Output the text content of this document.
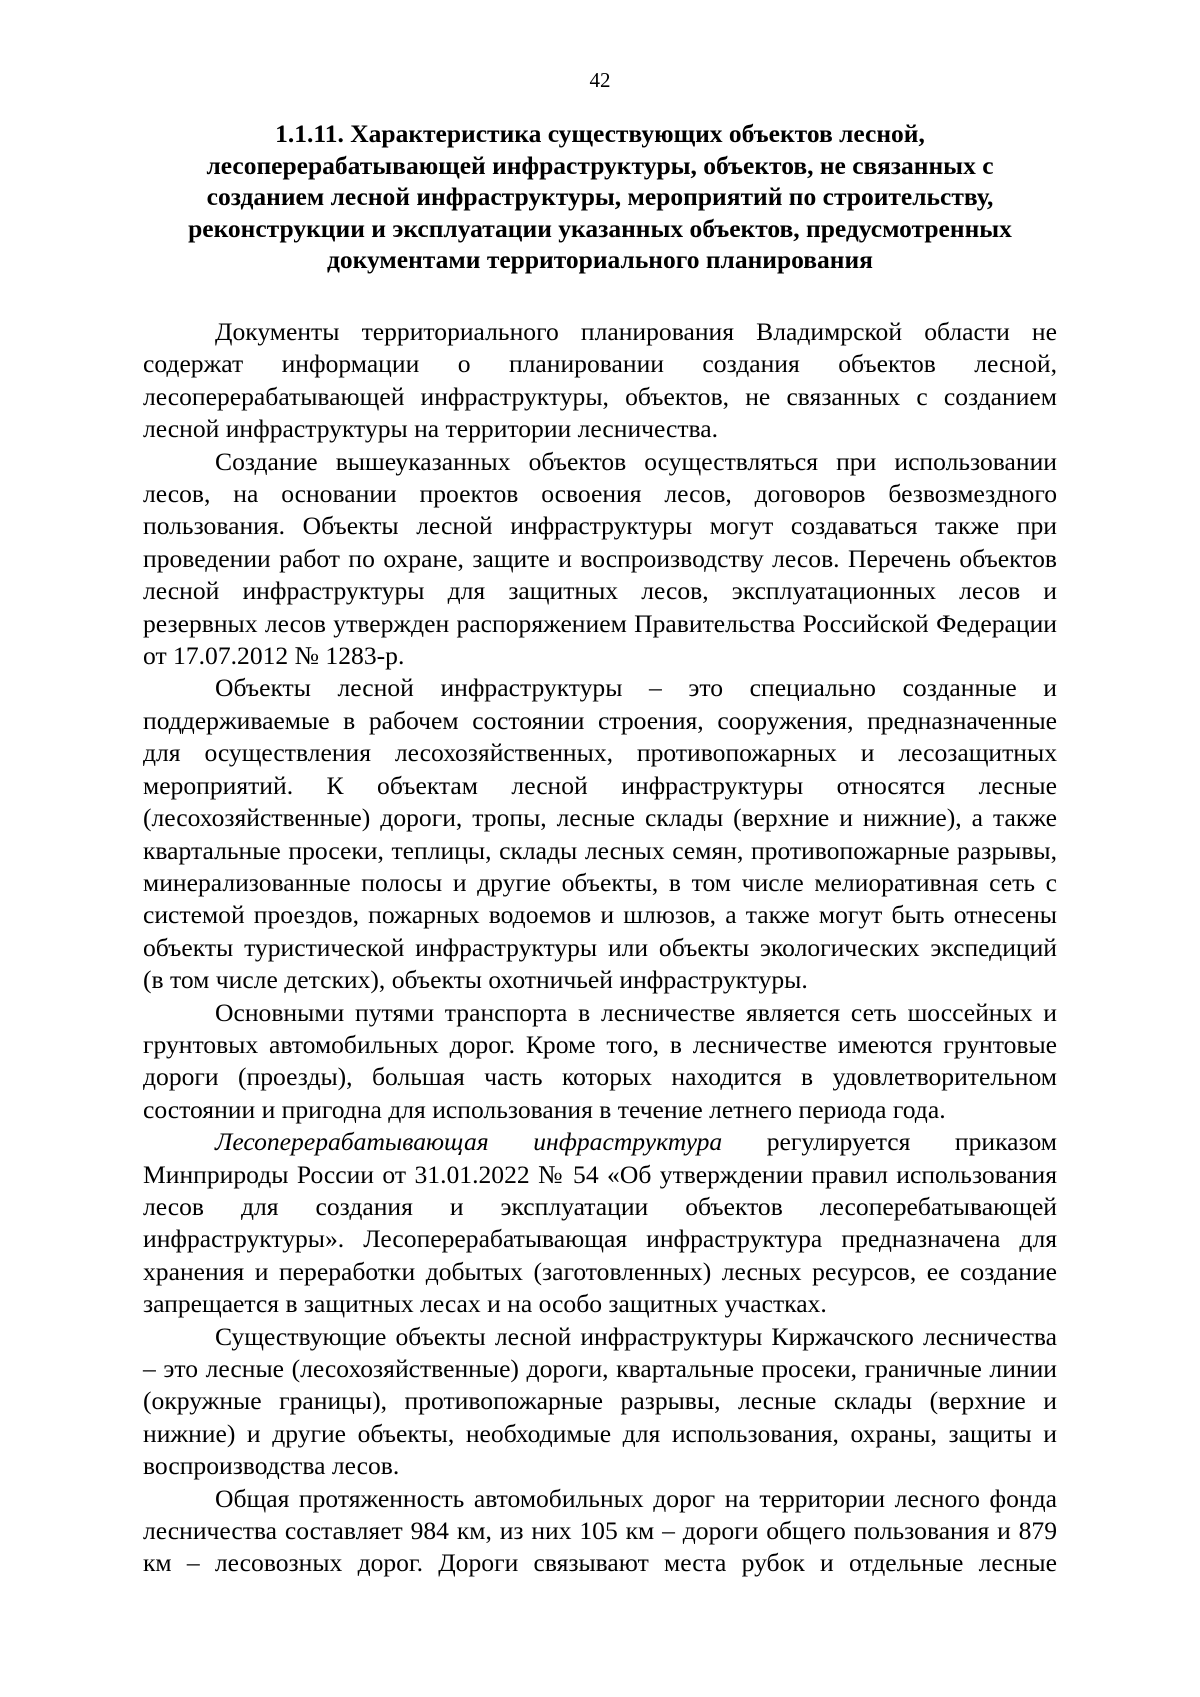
42
1.1.11. Характеристика существующих объектов лесной, лесоперерабатывающей инфраструктуры, объектов, не связанных с созданием лесной инфраструктуры, мероприятий по строительству, реконструкции и эксплуатации указанных объектов, предусмотренных документами территориального планирования

Документы территориального планирования Владимрской области не содержат информации о планировании создания объектов лесной, лесоперерабатывающей инфраструктуры, объектов, не связанных с созданием лесной инфраструктуры на территории лесничества.

Создание вышеуказанных объектов осуществляться при использовании лесов, на основании проектов освоения лесов, договоров безвозмездного пользования. Объекты лесной инфраструктуры могут создаваться также при проведении работ по охране, защите и воспроизводству лесов. Перечень объектов лесной инфраструктуры для защитных лесов, эксплуатационных лесов и резервных лесов утвержден распоряжением Правительства Российской Федерации от 17.07.2012 № 1283-р.

Объекты лесной инфраструктуры – это специально созданные и поддерживаемые в рабочем состоянии строения, сооружения, предназначенные для осуществления лесохозяйственных, противопожарных и лесозащитных мероприятий. К объектам лесной инфраструктуры относятся лесные (лесохозяйственные) дороги, тропы, лесные склады (верхние и нижние), а также квартальные просеки, теплицы, склады лесных семян, противопожарные разрывы, минерализованные полосы и другие объекты, в том числе мелиоративная сеть с системой проездов, пожарных водоемов и шлюзов, а также могут быть отнесены объекты туристической инфраструктуры или объекты экологических экспедиций (в том числе детских), объекты охотничьей инфраструктуры.

Основными путями транспорта в лесничестве является сеть шоссейных и грунтовых автомобильных дорог. Кроме того, в лесничестве имеются грунтовые дороги (проезды), большая часть которых находится в удовлетворительном состоянии и пригодна для использования в течение летнего периода года.

Лесоперерабатывающая инфраструктура регулируется приказом Минприроды России от 31.01.2022 № 54 «Об утверждении правил использования лесов для создания и эксплуатации объектов лесоперебатывающей инфраструктуры». Лесоперерабатывающая инфраструктура предназначена для хранения и переработки добытых (заготовленных) лесных ресурсов, ее создание запрещается в защитных лесах и на особо защитных участках.

Существующие объекты лесной инфраструктуры Киржачского лесничества – это лесные (лесохозяйственные) дороги, квартальные просеки, граничные линии (окружные границы), противопожарные разрывы, лесные склады (верхние и нижние) и другие объекты, необходимые для использования, охраны, защиты и воспроизводства лесов.

Общая протяженность автомобильных дорог на территории лесного фонда лесничества составляет 984 км, из них 105 км – дороги общего пользования и 879 км – лесовозных дорог. Дороги связывают места рубок и отдельные лесные
